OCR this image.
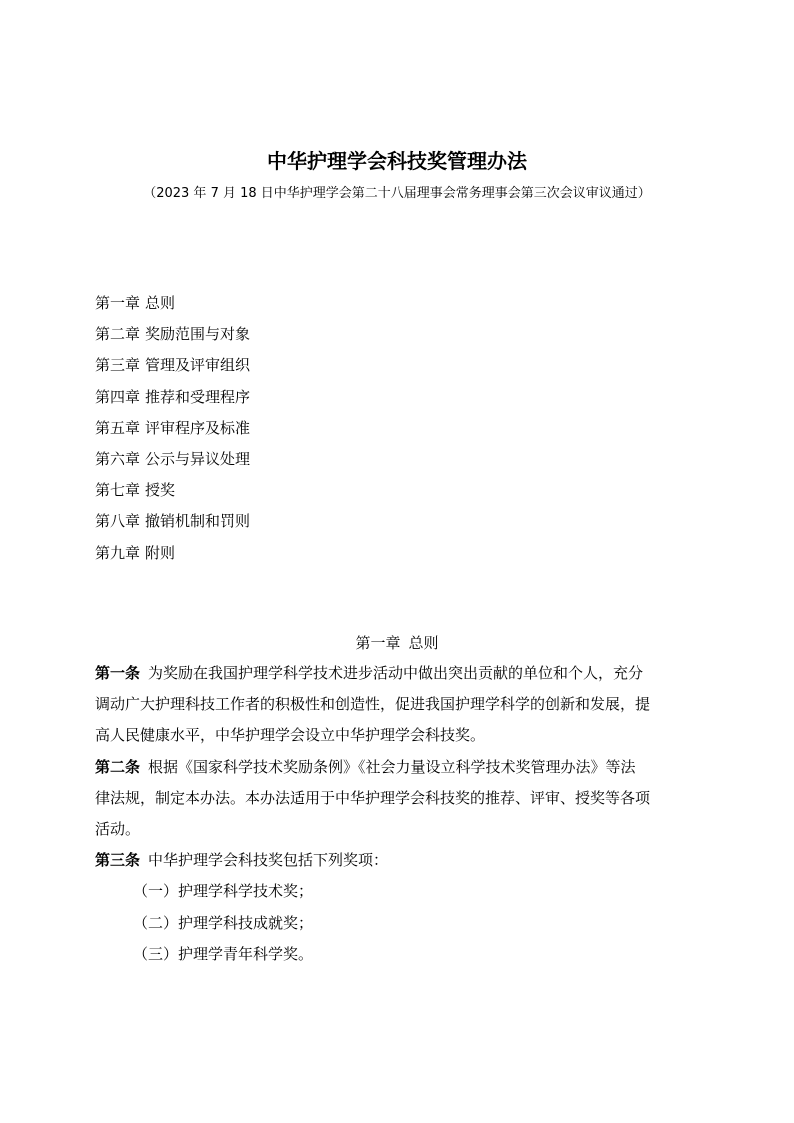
中华护理学会科技奖管理办法
（2023 年 7 月 18 日中华护理学会第二十八届理事会常务理事会第三次会议审议通过）
第一章 总则
第二章 奖励范围与对象
第三章 管理及评审组织
第四章 推荐和受理程序
第五章 评审程序及标准
第六章 公示与异议处理
第七章 授奖
第八章 撤销机制和罚则
第九章 附则
第一章 总则
第一条 为奖励在我国护理学科学技术进步活动中做出突出贡献的单位和个人，充分
调动广大护理科技工作者的积极性和创造性，促进我国护理学科学的创新和发展，提
高人民健康水平，中华护理学会设立中华护理学会科技奖。
第二条 根据《国家科学技术奖励条例》《社会力量设立科学技术奖管理办法》等法
律法规，制定本办法。本办法适用于中华护理学会科技奖的推荐、评审、授奖等各项
活动。
第三条 中华护理学会科技奖包括下列奖项：
（一）护理学科学技术奖；
（二）护理学科技成就奖；
（三）护理学青年科学奖。
